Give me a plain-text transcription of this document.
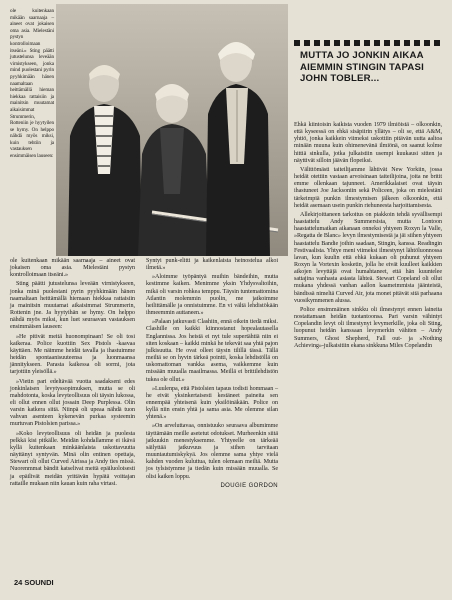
ole kuitenkaan mikään saarnaaja – aineet ovat jokaisen oma asia. Mielestäni pystyn kontrolloimaan itseäni.» Sting päätti jutustelunsa leveään virnistykseen, jonka mind puolestani pyrin pyyhkimään hänen naamaltaan heittämällä hieman hiekkaa rattaisiin ja mainitsin muutamat aikaisimmat Strummerin, Rotteniin je hyytyilen se hymy. On helppo nähdä myös miksi, kuin tehtiin ja vastauksen ensimmäisen lauseen:
MUTTA JO JONKIN AIKAA AIEMMIN STINGIN TAPASI JOHN TOBLER...

ole kuitenkaan mikään saarnaaja – aineet ovat jokaisen oma asia. Mielestäni pystyn kontrolloimaan itseäni.»

Sting päätti jutustelunsa leveään virnistykseen, jonka minä puolestani pyrin pyyhkimään hänen naamaltaan heittämällä hiemaan hiekkaa rattaisiin ja mainitsin muutamat aikaisimmat Strummerin, Rottenin jne. Ja hyytyihän se hymy. On helppo nähdä myös miksi, kun luet seuraavan vastauksen ensimmäisen lauseen:

»He pitivät meitä huonompinaan! Se oli tosi kaikeraa. Police kuottiin Sex Pistols -kaavaa käyttäen. Me näimme heidät tavalla ja ihastuimme heidän spontaanisuuteensa ja luonmaansa jännitykseen. Parasta kaikessa oli sormi, jota tarjottiin yleisöllä.»

»Vietin pari edeltävää vuotta saadakseni edes jonkinlaisen levytyssopimuksen, mutta se oli mahdotonta, koska levyteollisuus oli täysin lukossa, eli ollut ennen ollut jossain Deep Purplessa. Olin varsin katkera siitä. Niinpä oli upeaa nähdä tuon vahvan asenteen kykenevän purkaa systeemin murtuvan Pistolsien parissa.»

»Koko levyteollisuus oli heidän ja puolesta pelkkä kisi pitkälle. Meidän kohdallamme ei ikävä kyllä kuitenkaan minkäänlaista uskottavuutta näyttänyt syntyvän. Minä olin entinen opettaja, Stewart oli ollut Curved Airissa ja Andy ties missä. Nuorenmmat bändit katselivat meitä epäiluoloisesti ja epäilivät meidän yrittävän hypätä voittajan rattaille mukaan niin kauan kuin raha virtasi.

Syntyi punk-elitti ja kaikenlaista heinostelua alkoi ilmetä.»

»Aloimme työpäntyä muihin bändeihin, mutta kestimme kaiken. Menimme yksin Yhdysvaltoihin, mikä oli varsin rohkea temppu. Täysin tuntemattomina Atlantin molemmin puolin, me jatkoimme heilittämälle ja onnistuimme. En vi vältä lehdistökään ihmeemmin auttaneen.»

»Palaan jatkuvasti Clashiin, ennä oikein tiedä miksi. Clashille on kaikki kiinnostanut hopealautasella Englannissa. Jos heistä ei nyt tule supertähtiä niin ei siten koskaan – kaikki minkä he tekevät saa yhtä pajon julkisuutta. He ovat olleet täysin tilillä tässä. Tällä meiltä se on hyvin tärkeä pointti, koska lehdistöllä on uskomattoman vankka asema, vaikkemme kuin missään muualla maailmassa. Meillä ei brittilehdistön tukea ole ollut.»

»Luulenpa, että Pistolsien tapaus todisti hommaan – he eivät yksinkertaisesti kestäneet paineita sen ennempää yhteisenä kuin yksilöinäkään. Police on kyllä niin ensin yhtä ja sama asia. Me olemme silan yhtenä.»

»On arveluttavaa, onnistuuko seuraava albumimme täyttämään meille asetetut odotukset. Murheenkin siitä jatkuukin menestyksemme. Yhtyeelle on tärkeää säilyttää jatkuvuus ja siihen tarvitaan muuntautumiskykyä. Jos olemme sama yhtye vielä kahden vuoden kuluttua, tulen olemaan meiltä. Mutta jos tylsistymme ja tiedän kuin missään muualla. Se olisi kaiken loppu.

DOUGIE GORDON

Ehkä kiintoisin kaikista vuoden 1979 ilmiöistä – olkoonkin, että kyseessä on ehkä sisäpiirin yllätys – oli se, että A&M, yhtiö, jonka kaikkein viimeksi uskottiin pitävän uutta aaltoa minään muuna kuin ohimenevänä ilmiönä, on saanut kolme hittiä sinkulla, jotka julkaistiin usempi kuukausi sitten ja näyttivät silloin jäävän flopeiksi.

Välittömästi taiteilijamme lähtivät New Yorkiin, jossa heidät otettiin vastaan arvoisinaan taiteilijoina, joita ne britit emme ollenkaan tajunneet. Amerikkalaiset ovat täysin ihastuneet Joe Jacksoniin sekä Policeen, joka on mielestäni tärkeimpiä punkin ilmestymisen jälkeen olkoonkin, että heidät asemaan usein punkin riehuneesta harjoittamisesta.

Allekirjoittaneen tarkoitus on piakkoin tehdä syvällisempi haastattelu Andy Summersista, mutta Lontoon haastattelumatkan aikanaan onneksi yhtyeen Roxyn la Valle, »Regatta de Blanc» levyn ilmestymisestä ja jäi siihen yhtyeen haastattelu Bandie joihin saadaan, Stingin, kanssa. Readingin Festivaalista. Yhtye meni viimeksi ilmestynyt lähtöluonnossa lavan, kun kuulin että ehkä kukaan oli puhunut yhtyeen Roxyn la Vortexin kosketin, jolla he eivät kuulleet kaikkien aikojen levyttäjä ovat humahtaneet, että hän kuuntelee sattajina vanhasta asiasta lähteä. Stewart Copeland oli ollut mukana yhdessä vanhan aallon kaameimmista jäänteistä, bändissä nimeltä Curved Air, jota monet pitävät sitä parhaana vuosikymmenen alussa.

Police ensimmäinen sinkku oli ilmestynyt ennen laineita nostattamaan heidän tuotantoonsa. Pari varsin vähintyt Copelandin levyt oli ilmestynyt levymerkille, joka oli Sting, luopunut heidän kanssaan levymerkin vähiten – Andy Summers, Ghost Shepherd, Fall out- ja »Nothing Achieving»-julkaisitiin ekana sinkkuna Miles Copelandin

24 SOUNDI
